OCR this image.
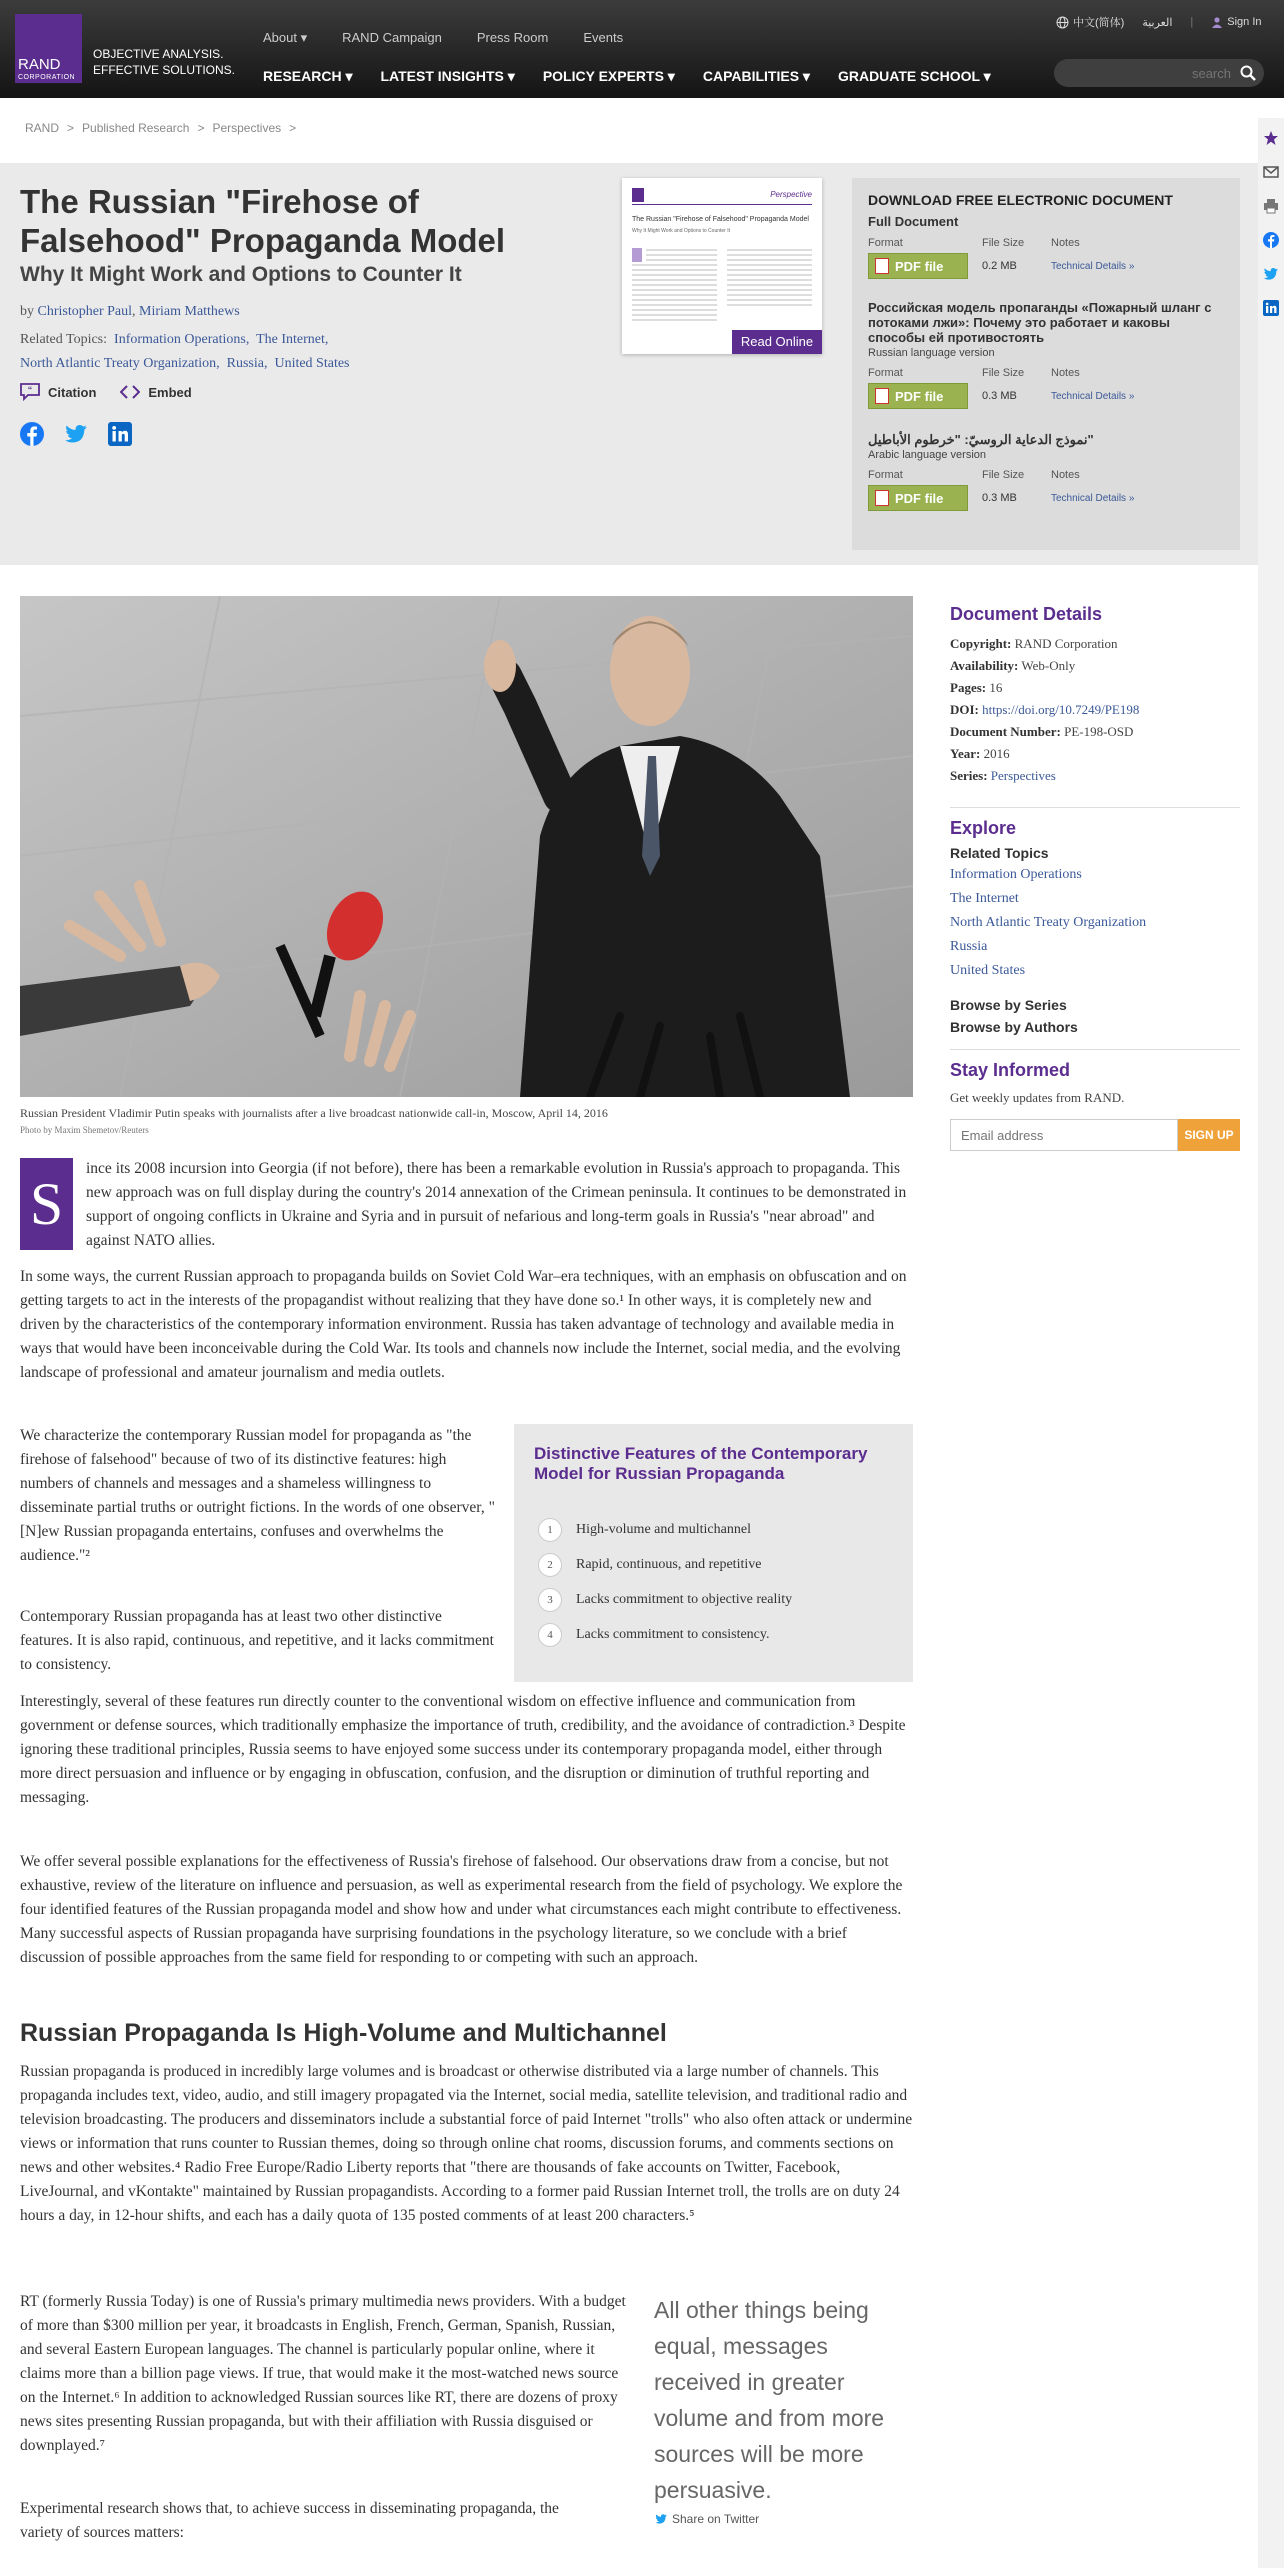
RAND
CORPORATION
OBJECTIVE ANALYSIS.
EFFECTIVE SOLUTIONS.
About ▾	RAND Campaign	Press Room	Events
RESEARCH ▾ LATEST INSIGHTS ▾ POLICY EXPERTS ▾ CAPABILITIES ▾ GRADUATE SCHOOL ▾
中文(简体) العربية |	Sign In
search
RAND > Published Research > Perspectives >
The Russian "Firehose of Falsehood" Propaganda Model
Why It Might Work and Options to Counter It
by Christopher Paul, Miriam Matthews
Related Topics: Information Operations, The Internet,
North Atlantic Treaty Organization, Russia, United States
“ Citation	Embed
Perspective
The Russian "Firehose of Falsehood" Propaganda Model
Why It Might Work and Options to Counter It
Read Online
DOWNLOAD FREE ELECTRONIC DOCUMENT
Full Document
Format	File Size	Notes
PDF file	0.2 MB	Technical Details »
Российская модель пропаганды «Пожарный шланг с потоками лжи»: Почему это работает и каковы способы ей противостоять
Russian language version
Format	File Size	Notes
PDF file	0.3 MB	Technical Details »
نموذج الدعاية الروسيّ: "خرطوم الأباطيل"
Arabic language version
Format	File Size	Notes
PDF file	0.3 MB	Technical Details »
Russian President Vladimir Putin speaks with journalists after a live broadcast nationwide call-in, Moscow, April 14, 2016
Photo by Maxim Shemetov/Reuters
S

ince its 2008 incursion into Georgia (if not before), there has been a remarkable evolution in Russia's approach to propaganda. This new approach was on full display during the country's 2014 annexation of the Crimean peninsula. It continues to be demonstrated in support of ongoing conflicts in Ukraine and Syria and in pursuit of nefarious and long-term goals in Russia's "near abroad" and against NATO allies.

In some ways, the current Russian approach to propaganda builds on Soviet Cold War–era techniques, with an emphasis on obfuscation and on getting targets to act in the interests of the propagandist without realizing that they have done so.¹ In other ways, it is completely new and driven by the characteristics of the contemporary information environment. Russia has taken advantage of technology and available media in ways that would have been inconceivable during the Cold War. Its tools and channels now include the Internet, social media, and the evolving landscape of professional and amateur journalism and media outlets.

We characterize the contemporary Russian model for propaganda as "the firehose of falsehood" because of two of its distinctive features: high numbers of channels and messages and a shameless willingness to disseminate partial truths or outright fictions. In the words of one observer, "[N]ew Russian propaganda entertains, confuses and overwhelms the audience."²

Contemporary Russian propaganda has at least two other distinctive features. It is also rapid, continuous, and repetitive, and it lacks commitment to consistency.

Distinctive Features of the Contemporary Model for Russian Propaganda
1	High-volume and multichannel
2	Rapid, continuous, and repetitive
3	Lacks commitment to objective reality
4	Lacks commitment to consistency.

Interestingly, several of these features run directly counter to the conventional wisdom on effective influence and communication from government or defense sources, which traditionally emphasize the importance of truth, credibility, and the avoidance of contradiction.³ Despite ignoring these traditional principles, Russia seems to have enjoyed some success under its contemporary propaganda model, either through more direct persuasion and influence or by engaging in obfuscation, confusion, and the disruption or diminution of truthful reporting and messaging.

We offer several possible explanations for the effectiveness of Russia's firehose of falsehood. Our observations draw from a concise, but not exhaustive, review of the literature on influence and persuasion, as well as experimental research from the field of psychology. We explore the four identified features of the Russian propaganda model and show how and under what circumstances each might contribute to effectiveness. Many successful aspects of Russian propaganda have surprising foundations in the psychology literature, so we conclude with a brief discussion of possible approaches from the same field for responding to or competing with such an approach.

Russian Propaganda Is High-Volume and Multichannel

Russian propaganda is produced in incredibly large volumes and is broadcast or otherwise distributed via a large number of channels. This propaganda includes text, video, audio, and still imagery propagated via the Internet, social media, satellite television, and traditional radio and television broadcasting. The producers and disseminators include a substantial force of paid Internet "trolls" who also often attack or undermine views or information that runs counter to Russian themes, doing so through online chat rooms, discussion forums, and comments sections on news and other websites.⁴ Radio Free Europe/Radio Liberty reports that "there are thousands of fake accounts on Twitter, Facebook, LiveJournal, and vKontakte" maintained by Russian propagandists. According to a former paid Russian Internet troll, the trolls are on duty 24 hours a day, in 12-hour shifts, and each has a daily quota of 135 posted comments of at least 200 characters.⁵

RT (formerly Russia Today) is one of Russia's primary multimedia news providers. With a budget of more than $300 million per year, it broadcasts in English, French, German, Spanish, Russian, and several Eastern European languages. The channel is particularly popular online, where it claims more than a billion page views. If true, that would make it the most-watched news source on the Internet.⁶ In addition to acknowledged Russian sources like RT, there are dozens of proxy news sites presenting Russian propaganda, but with their affiliation with Russia disguised or downplayed.⁷

Experimental research shows that, to achieve success in disseminating propaganda, the variety of sources matters:

All other things being equal, messages received in greater volume and from more sources will be more persuasive.
Share on Twitter
Document Details
Copyright: RAND Corporation
Availability: Web-Only
Pages: 16
DOI: https://doi.org/10.7249/PE198
Document Number: PE-198-OSD
Year: 2016
Series: Perspectives
Explore
Related Topics
Information Operations
The Internet
North Atlantic Treaty Organization
Russia
United States
Browse by Series
Browse by Authors
Stay Informed
Get weekly updates from RAND.
Email address
SIGN UP
